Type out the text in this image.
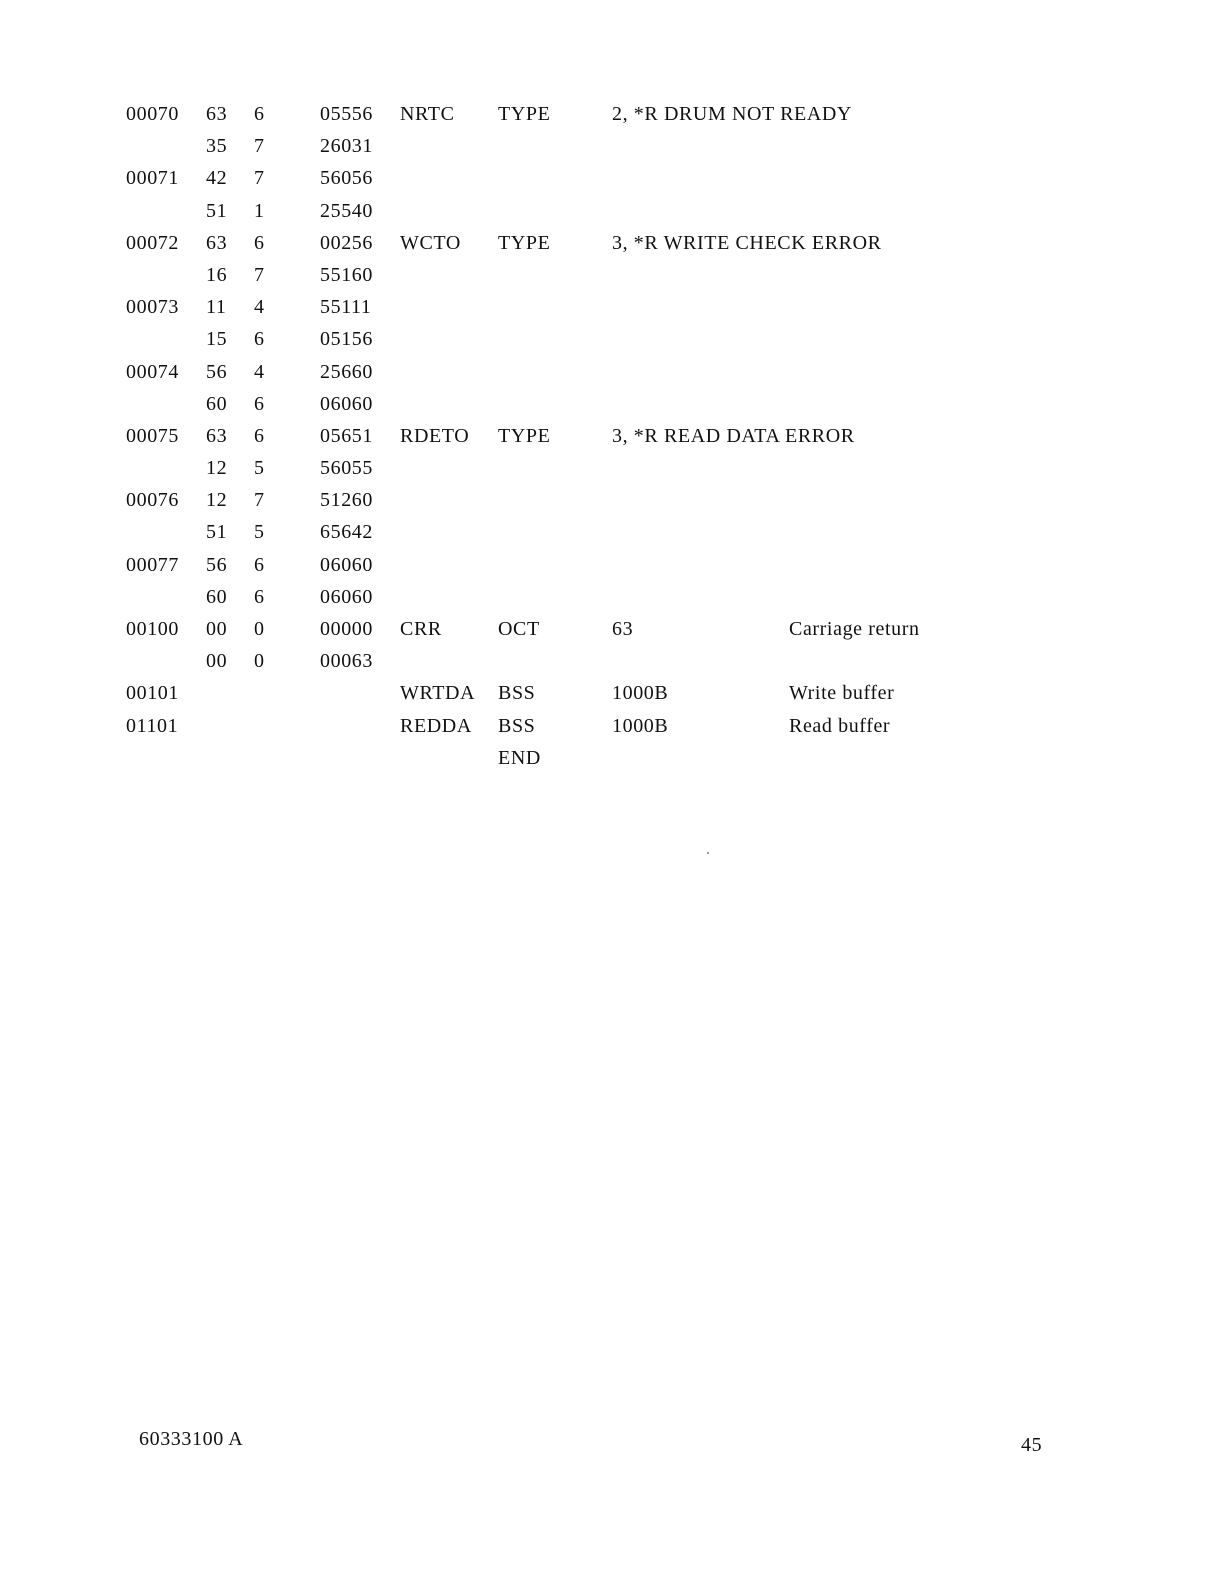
00070 63 6	05556 NRTC TYPE	2, *R DRUM NOT READY
35 7	26031
00071 42 7	56056
51 1	25540
00072 63 6	00256 WCTO TYPE	3, *R WRITE CHECK ERROR
16 7	55160
00073 11 4	55111
15 6	05156
00074 56 4	25660
60 6	06060
00075 63 6	05651 RDETO TYPE	3, *R READ DATA ERROR
12 5	56055
00076 12 7	51260
51 5	65642
00077 56 6	06060
60 6	06060
00100 00 0	00000 CRR	OCT	63	Carriage return
00 0	00063
00101	WRTDA BSS	1000B	Write buffer
01101	REDDA BSS	1000B	Read buffer
END
60333100 A	45
